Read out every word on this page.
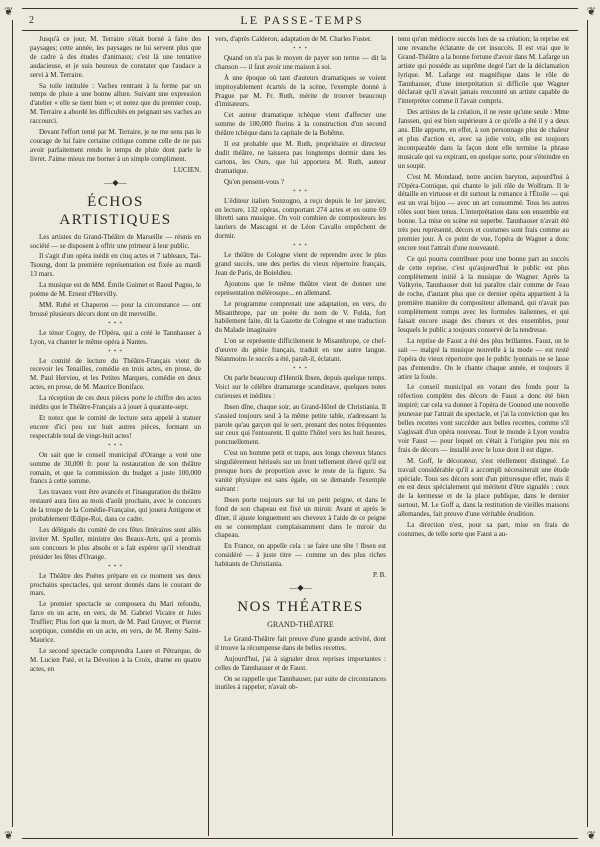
❦	❦
❦	❦
2	LE PASSE-TEMPS

Jusqu'à ce jour, M. Terraire s'était borné à faire des paysages; cette année, les paysages ne lui servent plus que de cadre à des études d'animaux; c'est là une tentative audacieuse, et je suis heureux de constater que l'audace a servi à M. Terraire.

Sa toile intitulée : Vaches rentrant à la ferme par un temps de pluie a une bonne allure. Suivant une expression d'atelier « elle se tient bien »; et notez que du premier coup, M. Terraire a abordé les difficultés en peignant ses vaches au raccourci.

Devant l'effort tenté par M. Terraire, je ne me sens pas le courage de lui faire certaine critique comme celle de ne pas avoir parfaitement rendu le temps de pluie dont parle le livret. J'aime mieux me borner à un simple compliment.

LUCIEN.
—◆—
ÉCHOS ARTISTIQUES

Les artistes du Grand-Théâtre de Marseille — réunis en société — se disposent à offrir une primeur à leur public.

Il s'agit d'un opéra inédit en cinq actes et 7 tableaux, Tai-Tsoung, dont la première représentation est fixée au mardi 13 mars.

La musique est de MM. Émile Guimet et Raoul Pugno, le poème de M. Ernest d'Hervilly.

MM. Rubé et Chaperon — pour la circonstance — ont brossé plusieurs décors dont on dit merveille.

* * *

Le ténor Cogny, de l'Opéra, qui a créé le Tannhauser à Lyon, va chanter le même opéra à Nantes.

* * *

Le comité de lecture du Théâtre-Français vient de recevoir les Tenailles, comédie en trois actes, en prose, de M. Paul Hervieu, et les Petites Marques, comédie en deux actes, en prose, de M. Maurice Boniface.

La réception de ces deux pièces porte le chiffre des actes inédits que le Théâtre-Français a à jouer à quarante-sept.

Et notez que le comité de lecture sera appelé à statuer encore d'ici peu sur huit autres pièces, formant un respectable total de vingt-huit actes!

* * *

On sait que le conseil municipal d'Orange a voté une somme de 30,000 fr. pour la restauration de son théâtre romain, et que la commission du budget a juste 100,000 francs à cette somme.

Les travaux vont être avancés et l'inauguration du théâtre restauré aura lieu au mois d'août prochain, avec le concours de la troupe de la Comédie-Française, qui jouera Antigone et probablement Œdipe-Roi, dans ce cadre.

Les délégués du comité de ces fêtes littéraires sont allés inviter M. Spuller, ministre des Beaux-Arts, qui a promis son concours le plus absolu et a fait espérer qu'il viendrait présider les fêtes d'Orange.

* * *

Le Théâtre des Poètes prépare en ce moment ses deux prochains spectacles, qui seront donnés dans le courant de mars.

Le premier spectacle se composera du Mari refondu, farce en un acte, en vers, de M. Gabriel Vicaire et Jules Truffier; Plus fort que la mort, de M. Paul Gruyer, et Pierrot sceptique, comédie en un acte, en vers, de M. Remy Saint-Maurice.

Le second spectacle comprendra Laure et Pétrarque, de M. Lucien Paté, et la Dévotion à la Croix, drame en quatre actes, en

vers, d'après Calderon, adaptation de M. Charles Fuster.

* * *

Quand on n'a pas le moyen de payer son terme — dit la chanson — il faut avoir une maison à soi.

À une époque où tant d'auteurs dramatiques se voient impitoyablement écartés de la scène, l'exemple donné à Prague par M. Fr. Ruth, mérite de trouver beaucoup d'imitateurs.

Cet auteur dramatique tchèque vient d'affecter une somme de 100,000 florins à la construction d'un second théâtre tchèque dans la capitale de la Bohême.

Il est probable que M. Ruth, propriétaire et directeur dudit théâtre, ne laissera pas longtemps dormir dans les cartons, les Ours, que lui apportera M. Ruth, auteur dramatique.

Qu'en pensent-vous ?

* * *

L'éditeur italien Sonzogno, a reçu depuis le 1er janvier, en lecture, 132 opéras, comportant 274 actes et en outre 69 libretti sans musique. On voit combien de compositeurs les lauriers de Mascagni et de Léon Cavallo empêchent de dormir.

* * *

Le théâtre de Cologne vient de reprendre avec le plus grand succès, une des perles du vieux répertoire français, Jean de Paris, de Boieldieu.

Ajoutons que le même théâtre vient de donner une représentation mélérosque... en allemand.

Le programme comprenait une adaptation, en vers, du Misanthrope, par un poète du nom de V. Fulda, fort habilement faite, dit la Gazette de Cologne et une traduction du Malade imaginaire

L'on se représente difficilement le Misanthrope, ce chef-d'œuvre du génie français, traduit en une autre langue. Néanmoins le succès a été, paraît-il, éclatant.

* * *

On parle beaucoup d'Henrik Ibsen, depuis quelque temps. Voici sur le célèbre dramaturge scandinave, quelques notes curieuses et inédites :

Ibsen dîne, chaque soir, au Grand-Hôtel de Christiania. Il s'assied toujours seul à la même petite table, n'adressant la parole qu'au garçon qui le sert, prenant des notes fréquentes sur ceux qui l'entourent. Il quitte l'hôtel vers les huit heures, ponctuellement.

C'est un homme petit et trapu, aux longs cheveux blancs singulièrement hérissés sur un front tellement élevé qu'il est presque hors de proportion avec le reste de la figure. Sa vanité physique est sans égale, on se demande l'exemple suivant :

Ibsen porte toujours sur lui un petit peigne, et dans le fond de son chapeau est fixé un miroir. Avant et après le dîner, il ajuste longuement ses cheveux à l'aide de ce peigne en se contemplant complaisamment dans le miroir du chapeau.

En France, on appelle cela : se faire une tête ! Ibsen est considéré — à juste titre — comme un des plus riches habitants de Christiania.

P. B.
—◆—
NOS THÉATRES
GRAND-THÉATRE

Le Grand-Théâtre fait preuve d'une grande activité, dont il trouve la récompense dans de belles recettes.

Aujourd'hui, j'ai à signaler deux reprises importantes : celles de Tannhauser et de Faust.

On se rappelle que Tannhauser, par suite de circonstances inutiles à rappeler, n'avait ob-

tenu qu'un médiocre succès lors de sa création; la reprise est une revanche éclatante de cet insuccès. Il est vrai que le Grand-Théâtre a la bonne fortune d'avoir dans M. Lafarge un artiste qui possède au suprême degré l'art de la déclamation lyrique. M. Lafarge est magnifique dans le rôle de Tannhauser, d'une interprétation si difficile que Wagner déclarait qu'il n'avait jamais rencontré un artiste capable de l'interpréter comme il l'avait compris.

Des artistes de la création, il ne reste qu'une seule : Mme Janssen, qui est bien supérieure à ce qu'elle a été il y a deux ans. Elle apporte, en effet, à son personnage plus de chaleur et plus d'action et, avec sa jolie voix, elle est toujours incomparable dans la façon dont elle termine la phrase musicale qui va expirant, en quelque sorte, pour s'éteindre en un soupir.

C'est M. Mondaud, notre ancien baryton, aujourd'hui à l'Opéra-Comique, qui chante le joli rôle de Wolfram. Il le détaille en virtuose et dit surtout la romance à l'Étoile — qui est un vrai bijou — avec un art consommé. Tous les autres rôles sont bien tenus. L'interprétation dans son ensemble est bonne. La mise en scène est superbe. Tannhauser n'avait été très peu représenté, décors et costumes sont frais comme au premier jour. À ce point de vue, l'opéra de Wagner a donc encore tout l'attrait d'une nouveauté.

Ce qui pourra contribuer pour une bonne part au succès de cette reprise, c'est qu'aujourd'hui le public est plus complètement initié à la musique de Wagner. Après la Valkyrie, Tannhauser doit lui paraître clair comme de l'eau de roche, d'autant plus que ce dernier opéra appartient à la première manière du compositeur allemand, qui n'avait pas complètement rompu avec les formules italiennes, et qui faisait encore usage des chœurs et des ensembles, pour lesquels le public a toujours conservé de la tendresse.

La reprise de Faust a été des plus brillantes. Faust, on le sait — malgré la musique nouvelle à la mode — est resté l'opéra du vieux répertoire que le public lyonnais ne se lasse pas d'entendre. On le chante chaque année, et toujours il attire la foule.

Le conseil municipal en votant des fonds pour la réfection complète des décors de Faust a donc été bien inspiré; car cela va donner à l'opéra de Gounod une nouvelle jeunesse par l'attrait du spectacle, et j'ai la conviction que les belles recettes vont succéder aux belles recettes, comme s'il s'agissait d'un opéra nouveau. Tout le monde à Lyon voudra voir Faust — pour lequel on s'était à l'origine peu mis en frais de décors — installé avec le luxe dont il est digne.

M. Goff, le décorateur, s'est réellement distingué. Le travail considérable qu'il a accompli nécessiterait une étude spéciale. Tous ses décors sont d'un pittoresque effet, mais il en est deux spécialement qui méritent d'être signalés : ceux de la kermesse et de la place publique, dans le dernier surtout, M. Le Goff a, dans la restitution de vieilles maisons allemandes, fait preuve d'une véritable érudition.

La direction n'est, pour sa part, mise en frais de costumes, de telle sorte que Faust a au-
